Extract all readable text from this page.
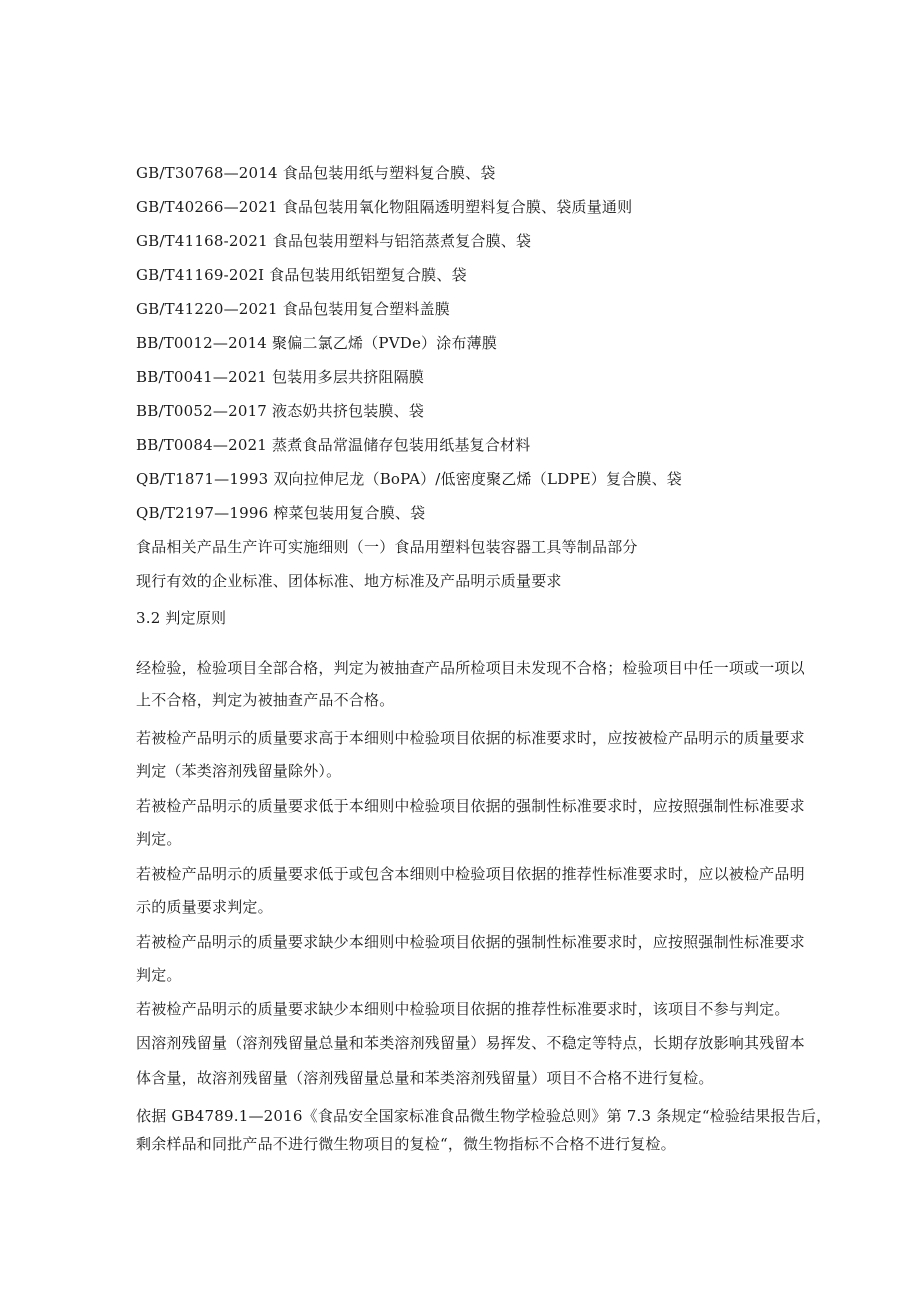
GB/T30768—2014 食品包装用纸与塑料复合膜、袋
GB/T40266—2021 食品包装用氧化物阻隔透明塑料复合膜、袋质量通则
GB/T41168-2021 食品包装用塑料与铝箔蒸煮复合膜、袋
GB/T41169-202I 食品包装用纸铝塑复合膜、袋
GB/T41220—2021 食品包装用复合塑料盖膜
BB/T0012—2014 聚偏二氯乙烯（PVDe）涂布薄膜
BB/T0041—2021 包装用多层共挤阻隔膜
BB/T0052—2017 液态奶共挤包装膜、袋
BB/T0084—2021 蒸煮食品常温储存包装用纸基复合材料
QB/T1871—1993 双向拉伸尼龙（BoPA）/低密度聚乙烯（LDPE）复合膜、袋
QB/T2197—1996 榨菜包装用复合膜、袋
食品相关产品生产许可实施细则（一）食品用塑料包装容器工具等制品部分
现行有效的企业标准、团体标准、地方标准及产品明示质量要求
3.2 判定原则
经检验，检验项目全部合格，判定为被抽查产品所检项目未发现不合格；检验项目中任一项或一项以
上不合格，判定为被抽查产品不合格。
若被检产品明示的质量要求高于本细则中检验项目依据的标准要求时，应按被检产品明示的质量要求
判定（苯类溶剂残留量除外）。
若被检产品明示的质量要求低于本细则中检验项目依据的强制性标准要求时，应按照强制性标准要求
判定。
若被检产品明示的质量要求低于或包含本细则中检验项目依据的推荐性标准要求时，应以被检产品明
示的质量要求判定。
若被检产品明示的质量要求缺少本细则中检验项目依据的强制性标准要求时，应按照强制性标准要求
判定。
若被检产品明示的质量要求缺少本细则中检验项目依据的推荐性标准要求时，该项目不参与判定。
因溶剂残留量（溶剂残留量总量和苯类溶剂残留量）易挥发、不稳定等特点，长期存放影响其残留本
体含量，故溶剂残留量（溶剂残留量总量和苯类溶剂残留量）项目不合格不进行复检。
依据 GB4789.1—2016《食品安全国家标准食品微生物学检验总则》第 7.3 条规定“检验结果报告后，
剩余样品和同批产品不进行微生物项目的复检“，微生物指标不合格不进行复检。
